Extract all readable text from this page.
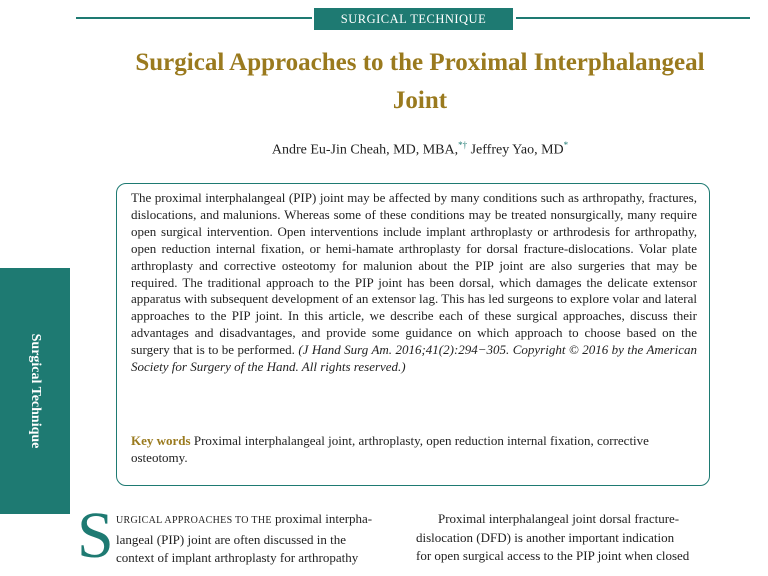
SURGICAL TECHNIQUE
Surgical Approaches to the Proximal Interphalangeal Joint
Andre Eu-Jin Cheah, MD, MBA,*† Jeffrey Yao, MD*
The proximal interphalangeal (PIP) joint may be affected by many conditions such as arthropathy, fractures, dislocations, and malunions. Whereas some of these conditions may be treated nonsurgically, many require open surgical intervention. Open interventions include implant arthroplasty or arthrodesis for arthropathy, open reduction internal fixation, or hemi-hamate arthroplasty for dorsal fracture-dislocations. Volar plate arthroplasty and corrective osteotomy for malunion about the PIP joint are also surgeries that may be required. The traditional approach to the PIP joint has been dorsal, which damages the delicate extensor apparatus with subsequent development of an extensor lag. This has led surgeons to explore volar and lateral approaches to the PIP joint. In this article, we describe each of these surgical approaches, discuss their advantages and disadvantages, and provide some guidance on which approach to choose based on the surgery that is to be performed. (J Hand Surg Am. 2016;41(2):294−305. Copyright © 2016 by the American Society for Surgery of the Hand. All rights reserved.)
Key words Proximal interphalangeal joint, arthroplasty, open reduction internal fixation, corrective osteotomy.
Surgical Technique
S URGICAL APPROACHES TO THE proximal interpha-
langeal (PIP) joint are often discussed in the
context of implant arthroplasty for arthropathy
Proximal interphalangeal joint dorsal fracture-
dislocation (DFD) is another important indication
for open surgical access to the PIP joint when closed
